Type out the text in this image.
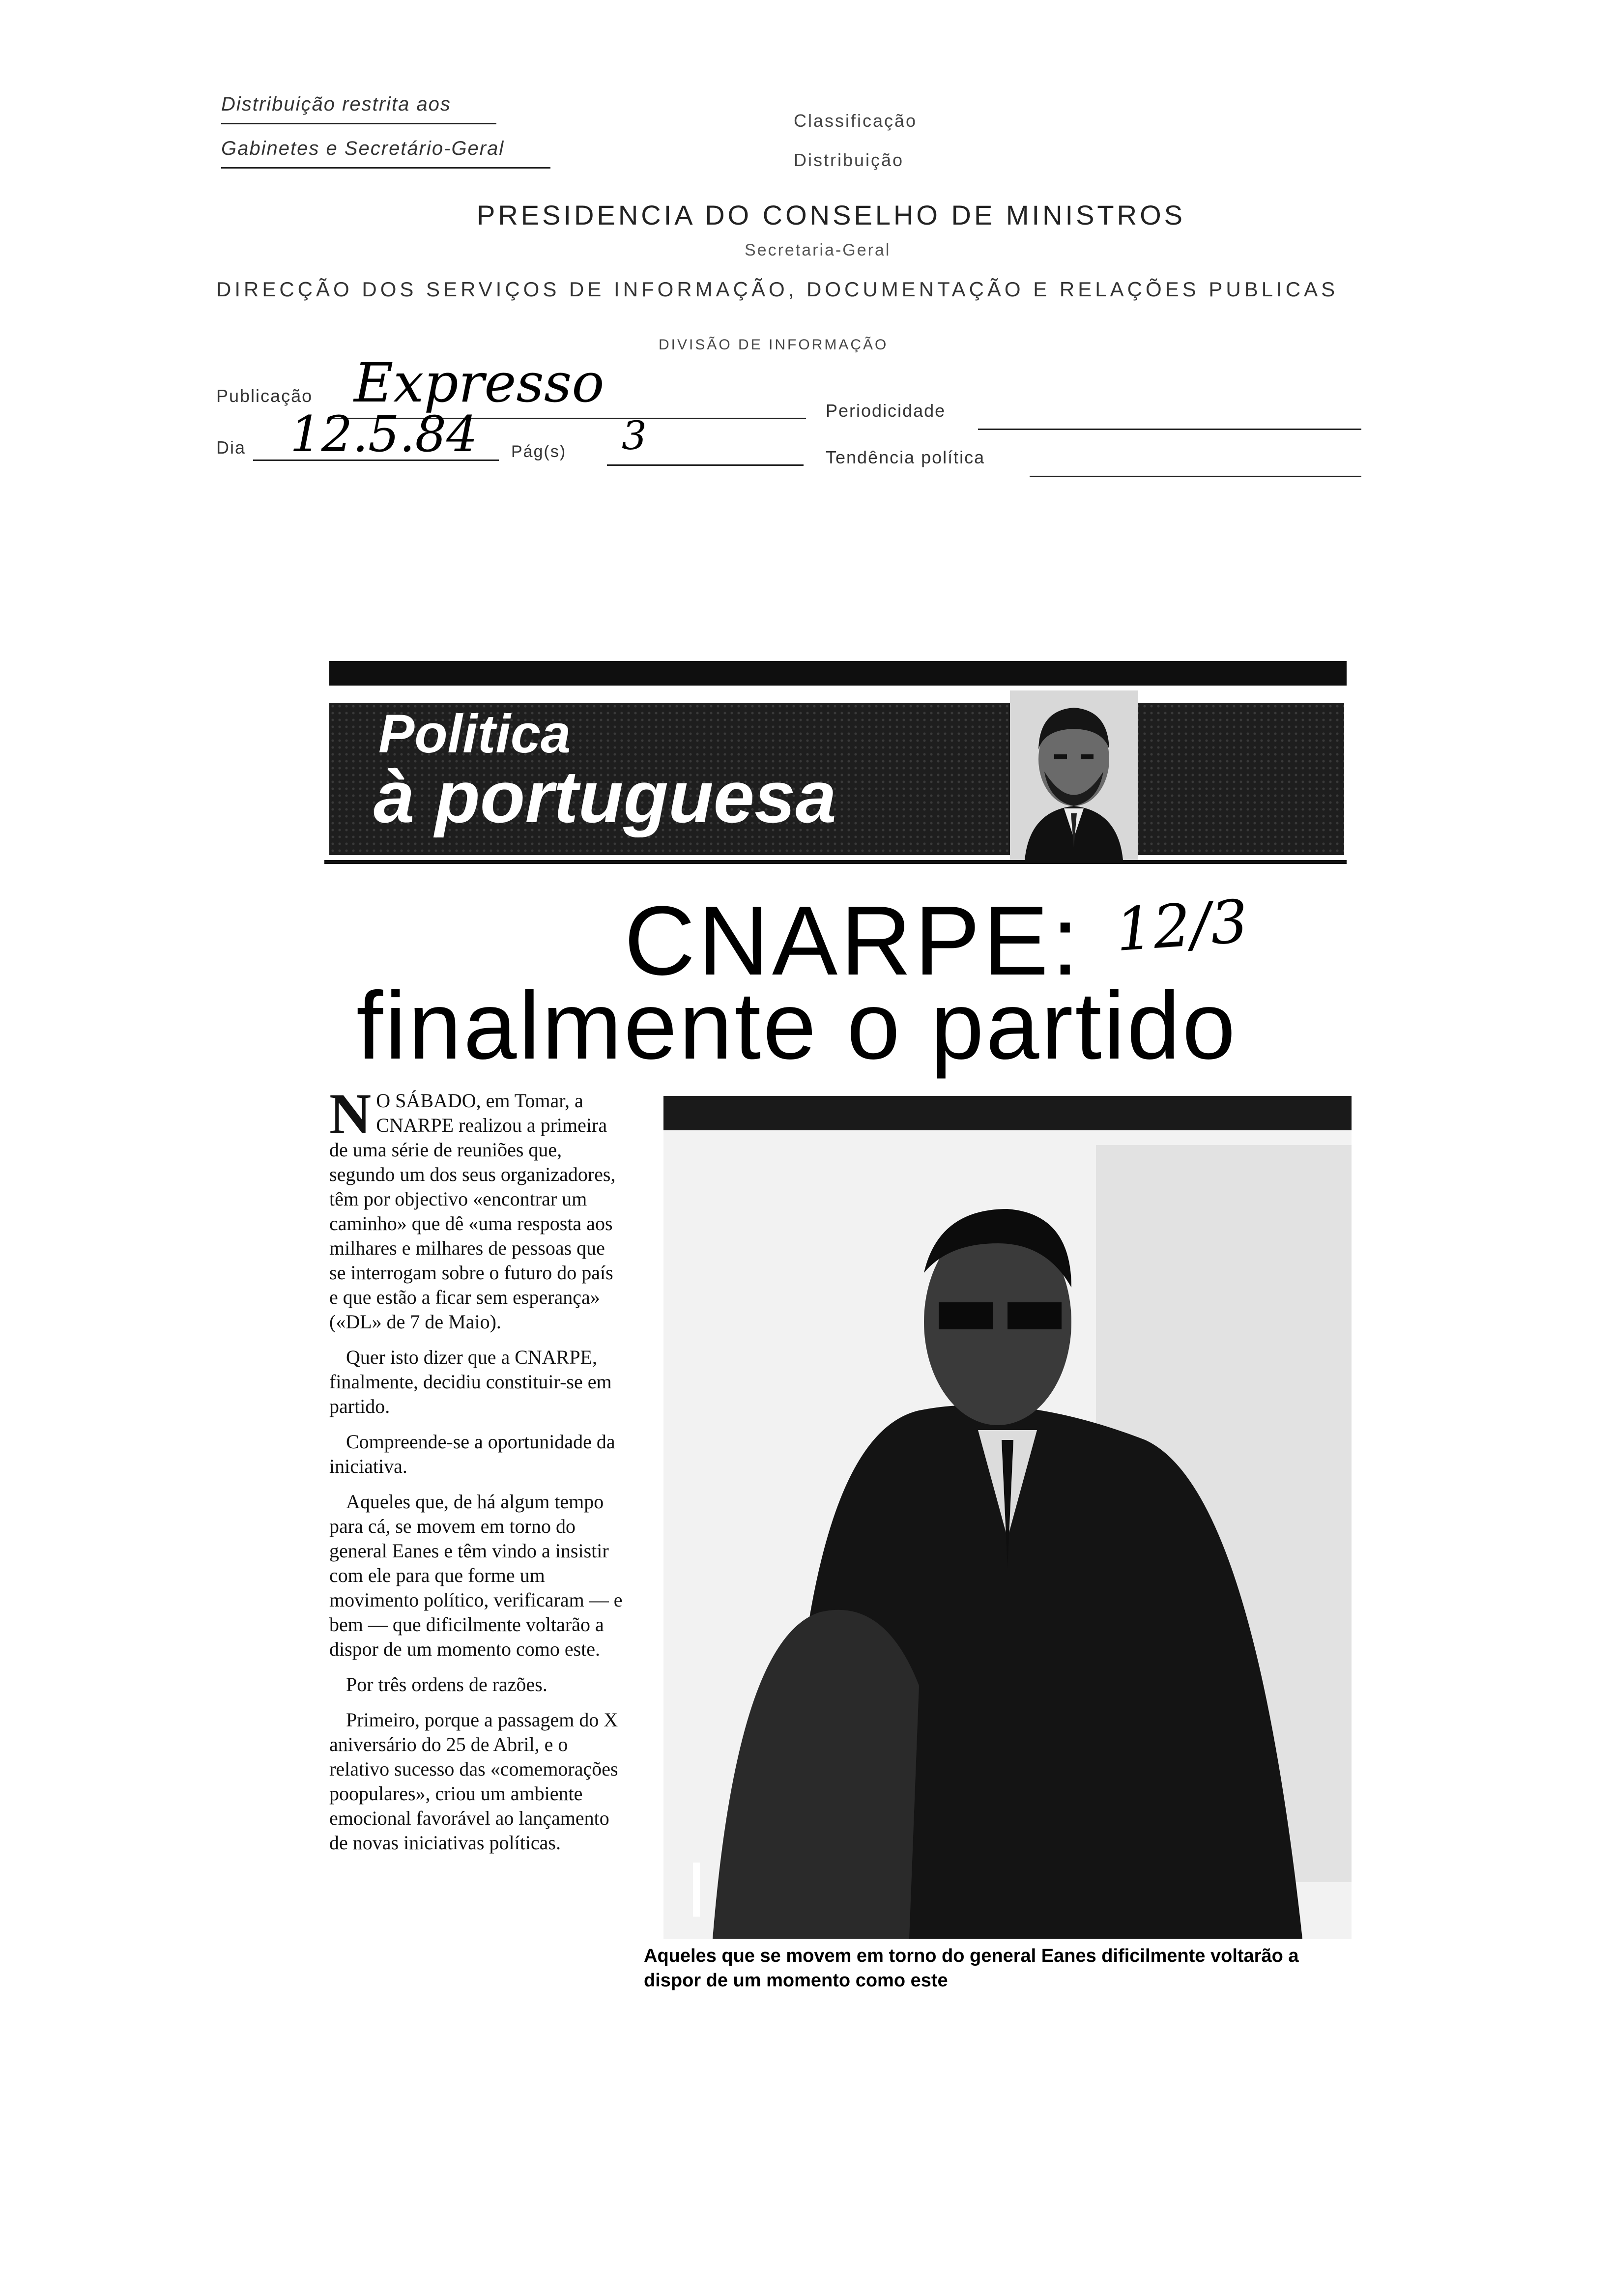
Distribuição restrita aos
Gabinetes e Secretário-Geral
Classificação
Distribuição
PRESIDENCIA DO CONSELHO DE MINISTROS
Secretaria-Geral
DIRECÇÃO DOS SERVIÇOS DE INFORMAÇÃO, DOCUMENTAÇÃO E RELAÇÕES PUBLICAS
DIVISÃO DE INFORMAÇÃO
Publicação Expresso	Periodicidade
Dia 12.5.84 Pág(s) 3	Tendência política
Politica
à portuguesa
CNARPE: 12/3
finalmente o partido

N O SÁBADO, em Tomar, a CNARPE realizou a primeira de uma série de reuniões que, segundo um dos seus organizadores, têm por objectivo «encontrar um caminho» que dê «uma resposta aos milhares e milhares de pessoas que se interrogam sobre o futuro do país e que estão a ficar sem esperança» («DL» de 7 de Maio).

Quer isto dizer que a CNARPE, finalmente, decidiu constituir-se em partido.

Compreende-se a oportunidade da iniciativa.

Aqueles que, de há algum tempo para cá, se movem em torno do general Eanes e têm vindo a insistir com ele para que forme um movimento político, verificaram — e bem — que dificilmente voltarão a dispor de um momento como este.

Por três ordens de razões.

Primeiro, porque a passagem do X aniversário do 25 de Abril, e o relativo sucesso das «comemorações poopulares», criou um ambiente emocional favorável ao lançamento de novas iniciativas políticas.

Aqueles que se movem em torno do general Eanes dificilmente voltarão a dispor de um momento como este
